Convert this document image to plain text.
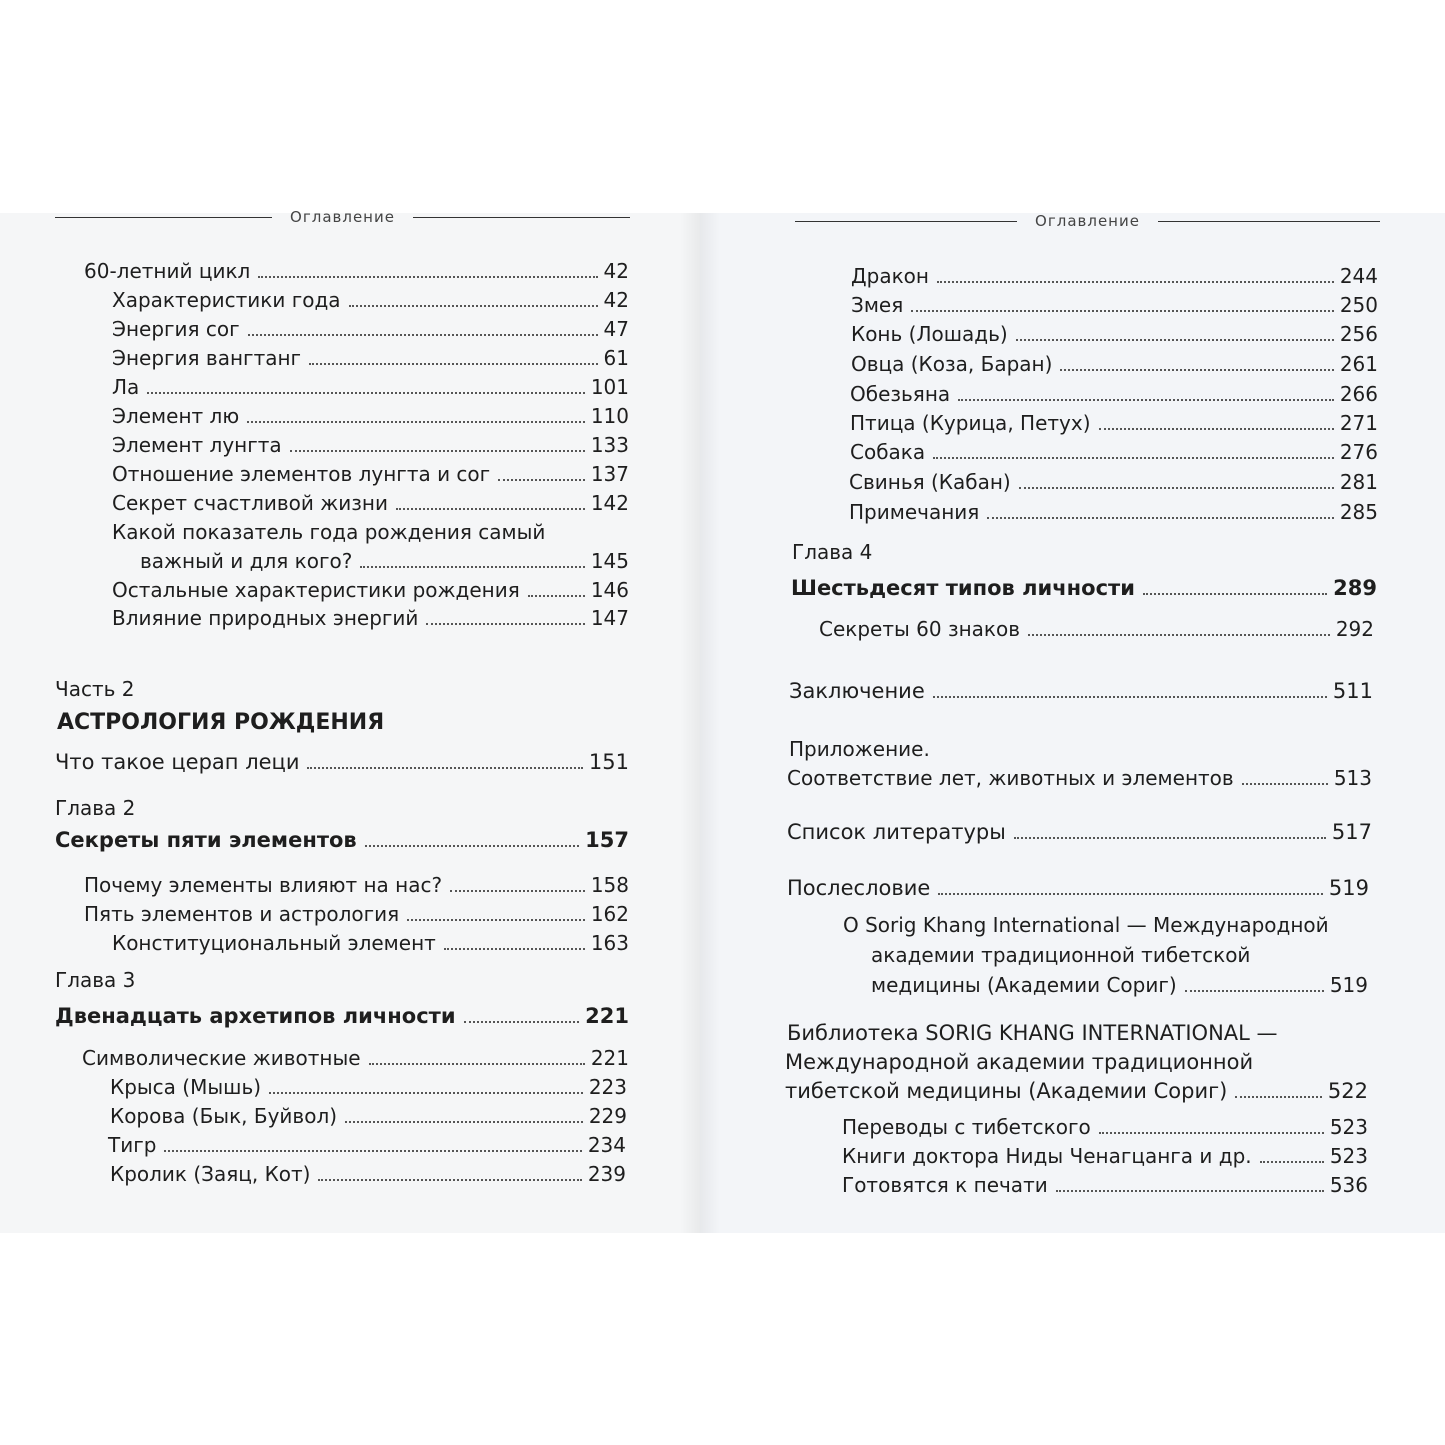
Оглавление
60-летний цикл	42
Характеристики года	42
Энергия сог	47
Энергия вангтанг	61
Ла	101
Элемент лю	110
Элемент лунгта	133
Отношение элементов лунгта и сог	137
Секрет счастливой жизни	142
Какой показатель года рождения самый
важный и для кого?	145
Остальные характеристики рождения	146
Влияние природных энергий	147
Часть 2
АСТРОЛОГИЯ РОЖДЕНИЯ
Что такое церап леци	151
Глава 2
Секреты пяти элементов	157
Почему элементы влияют на нас?	158
Пять элементов и астрология	162
Конституциональный элемент	163
Глава 3
Двенадцать архетипов личности	221
Символические животные	221
Крыса (Мышь)	223
Корова (Бык, Буйвол)	229
Тигр	234
Кролик (Заяц, Кот)	239
Оглавление
Дракон	244
Змея	250
Конь (Лошадь)	256
Овца (Коза, Баран)	261
Обезьяна	266
Птица (Курица, Петух)	271
Собака	276
Свинья (Кабан)	281
Примечания	285
Глава 4
Шестьдесят типов личности	289
Секреты 60 знаков	292
Заключение	511
Приложение.
Соответствие лет, животных и элементов	513
Список литературы	517
Послесловие	519
О Sorig Khang International — Международной
академии традиционной тибетской
медицины (Академии Сориг)	519
Библиотека SORIG KHANG INTERNATIONAL —
Международной академии традиционной
тибетской медицины (Академии Сориг)	522
Переводы с тибетского	523
Книги доктора Ниды Ченагцанга и др.	523
Готовятся к печати	536
